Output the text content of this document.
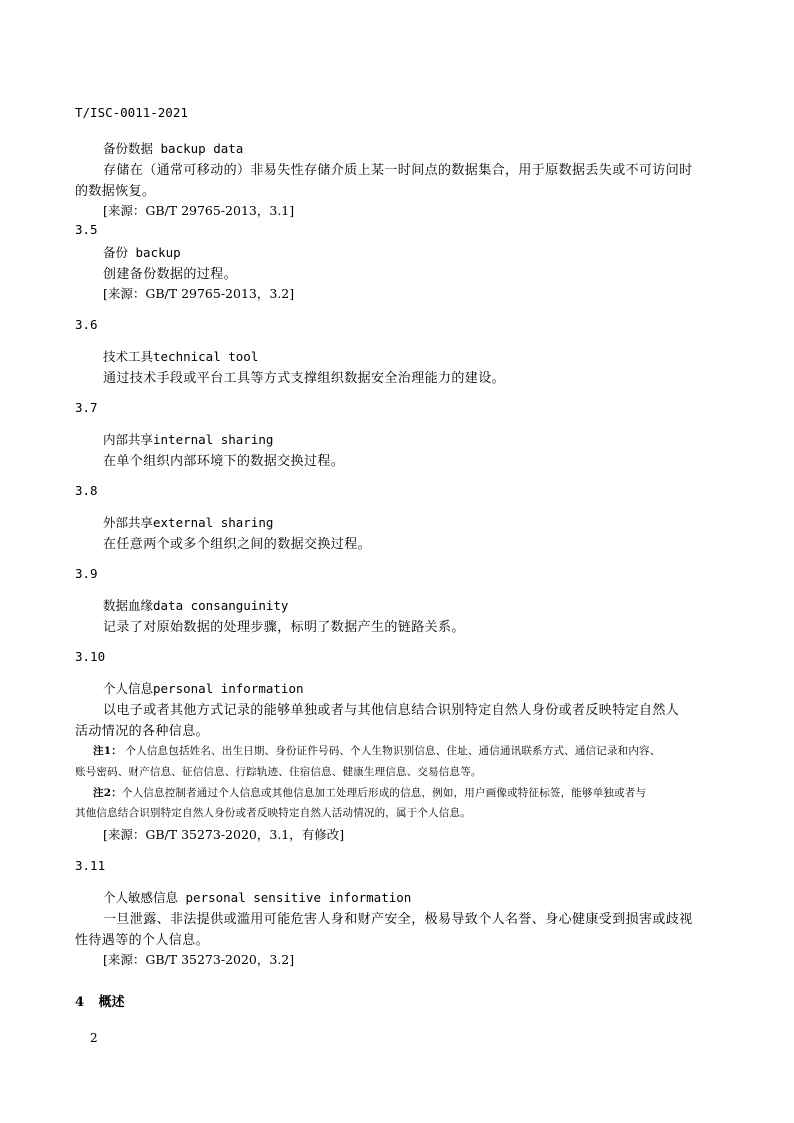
T/ISC-0011-2021
备份数据 backup data
存储在（通常可移动的）非易失性存储介质上某一时间点的数据集合，用于原数据丢失或不可访问时
的数据恢复。
[来源：GB/T 29765-2013，3.1]
3.5
备份 backup
创建备份数据的过程。
[来源：GB/T 29765-2013，3.2]
3.6
技术工具technical tool
通过技术手段或平台工具等方式支撑组织数据安全治理能力的建设。
3.7
内部共享internal sharing
在单个组织内部环境下的数据交换过程。
3.8
外部共享external sharing
在任意两个或多个组织之间的数据交换过程。
3.9
数据血缘data consanguinity
记录了对原始数据的处理步骤，标明了数据产生的链路关系。
3.10
个人信息personal information
以电子或者其他方式记录的能够单独或者与其他信息结合识别特定自然人身份或者反映特定自然人
活动情况的各种信息。
注1： 个人信息包括姓名、出生日期、身份证件号码、个人生物识别信息、住址、通信通讯联系方式、通信记录和内容、
账号密码、财产信息、征信信息、行踪轨迹、住宿信息、健康生理信息、交易信息等。
注2：个人信息控制者通过个人信息或其他信息加工处理后形成的信息，例如，用户画像或特征标签，能够单独或者与
其他信息结合识别特定自然人身份或者反映特定自然人活动情况的，属于个人信息。
[来源：GB/T 35273-2020，3.1，有修改]
3.11
个人敏感信息 personal sensitive information
一旦泄露、非法提供或滥用可能危害人身和财产安全，极易导致个人名誉、身心健康受到损害或歧视
性待遇等的个人信息。
[来源：GB/T 35273-2020，3.2]
4 概述
2
